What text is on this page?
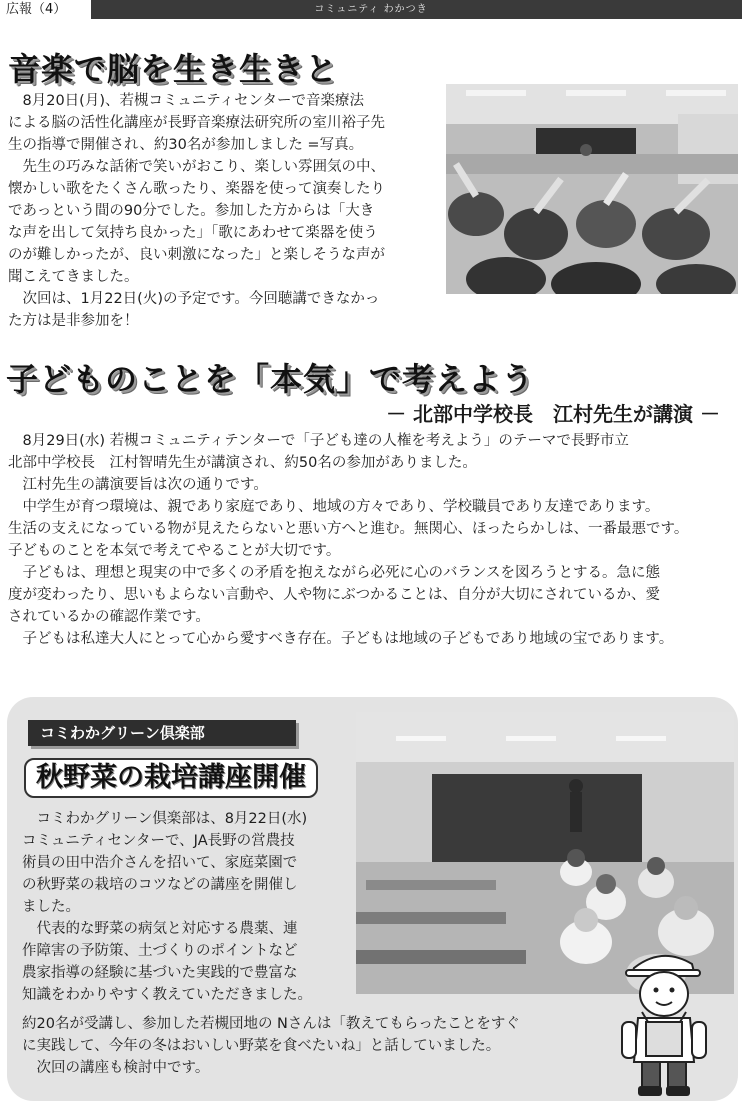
コミュニティ わかつき
広報（4）
音楽で脳を生き生きと
　8月20日(月)、若槻コミュニティセンターで音楽療法
による脳の活性化講座が長野音楽療法研究所の室川裕子先
生の指導で開催され、約30名が参加しました =写真。
　先生の巧みな話術で笑いがおこり、楽しい雰囲気の中、
懐かしい歌をたくさん歌ったり、楽器を使って演奏したり
であっという間の90分でした。参加した方からは「大き
な声を出して気持ち良かった」「歌にあわせて楽器を使う
のが難しかったが、良い刺激になった」と楽しそうな声が
聞こえてきました。
　次回は、1月22日(火)の予定です。今回聴講できなかっ
た方は是非参加を！
子どものことを「本気」で考えよう
－ 北部中学校長　江村先生が講演 －
　8月29日(水) 若槻コミュニティテンターで「子ども達の人権を考えよう」のテーマで長野市立
北部中学校長　江村智晴先生が講演され、約50名の参加がありました。
　江村先生の講演要旨は次の通りです。
　中学生が育つ環境は、親であり家庭であり、地域の方々であり、学校職員であり友達であります。
生活の支えになっている物が見えたらないと悪い方へと進む。無関心、ほったらかしは、一番最悪です。
子どものことを本気で考えてやることが大切です。
　子どもは、理想と現実の中で多くの矛盾を抱えながら必死に心のバランスを図ろうとする。急に態
度が変わったり、思いもよらない言動や、人や物にぶつかることは、自分が大切にされているか、愛
されているかの確認作業です。
　子どもは私達大人にとって心から愛すべき存在。子どもは地域の子どもであり地域の宝であります。
コミわかグリーン倶楽部
秋野菜の栽培講座開催
　コミわかグリーン倶楽部は、8月22日(水)
コミュニティセンターで、JA長野の営農技
術員の田中浩介さんを招いて、家庭菜園で
の秋野菜の栽培のコツなどの講座を開催し
ました。
　代表的な野菜の病気と対応する農薬、連
作障害の予防策、土づくりのポイントなど
農家指導の経験に基づいた実践的で豊富な
知識をわかりやすく教えていただきました。
約20名が受講し、参加した若槻団地の Nさんは「教えてもらったことをすぐ
に実践して、今年の冬はおいしい野菜を食べたいね」と話していました。
　次回の講座も検討中です。
